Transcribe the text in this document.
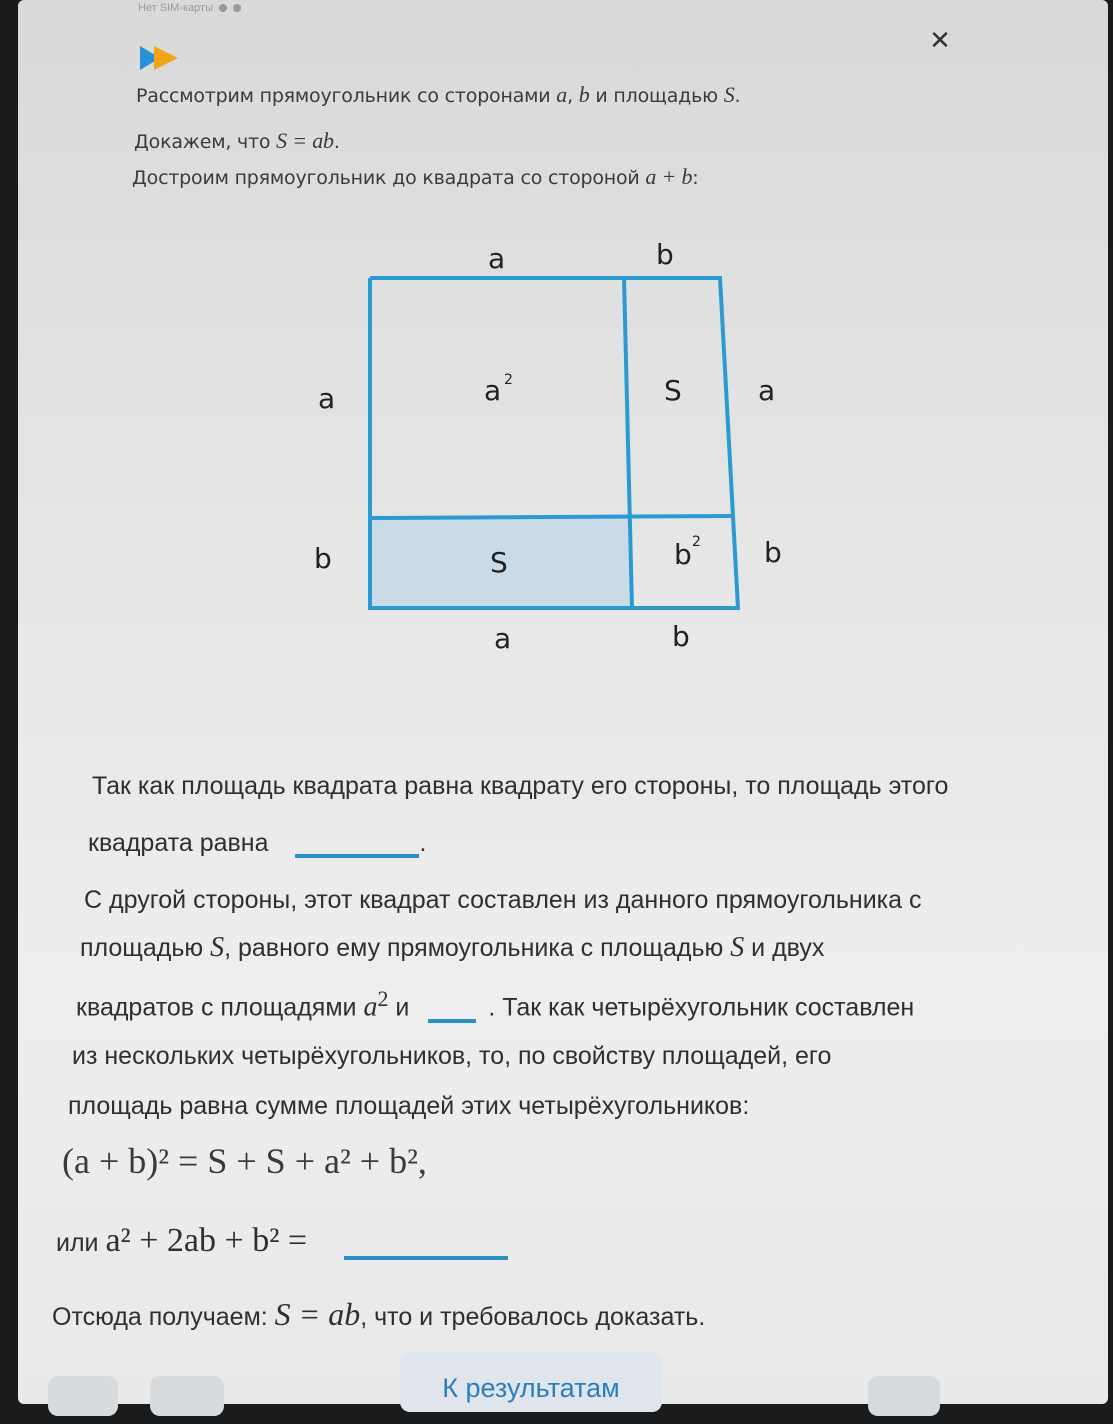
Нет SIM-карты
✕
Рассмотрим прямоугольник со сторонами a, b и площадью S.
Докажем, что S = ab.
Достроим прямоугольник до квадрата со стороной a + b:
a	b
a
b
a
b
a	b
a 2	S
S	b 2
Так как площадь квадрата равна квадрату его стороны, то площадь этого
квадрата равна	.
С другой стороны, этот квадрат составлен из данного прямоугольника с
площадью S, равного ему прямоугольника с площадью S и двух
квадратов с площадями $a^2$ и	. Так как четырёхугольник составлен
из нескольких четырёхугольников, то, по свойству площадей, его
площадь равна сумме площадей этих четырёхугольников:
(a + b)² = S + S + a² + b²,
или a² + 2ab + b² =
Отсюда получаем: S = ab, что и требовалось доказать.
К результатам
